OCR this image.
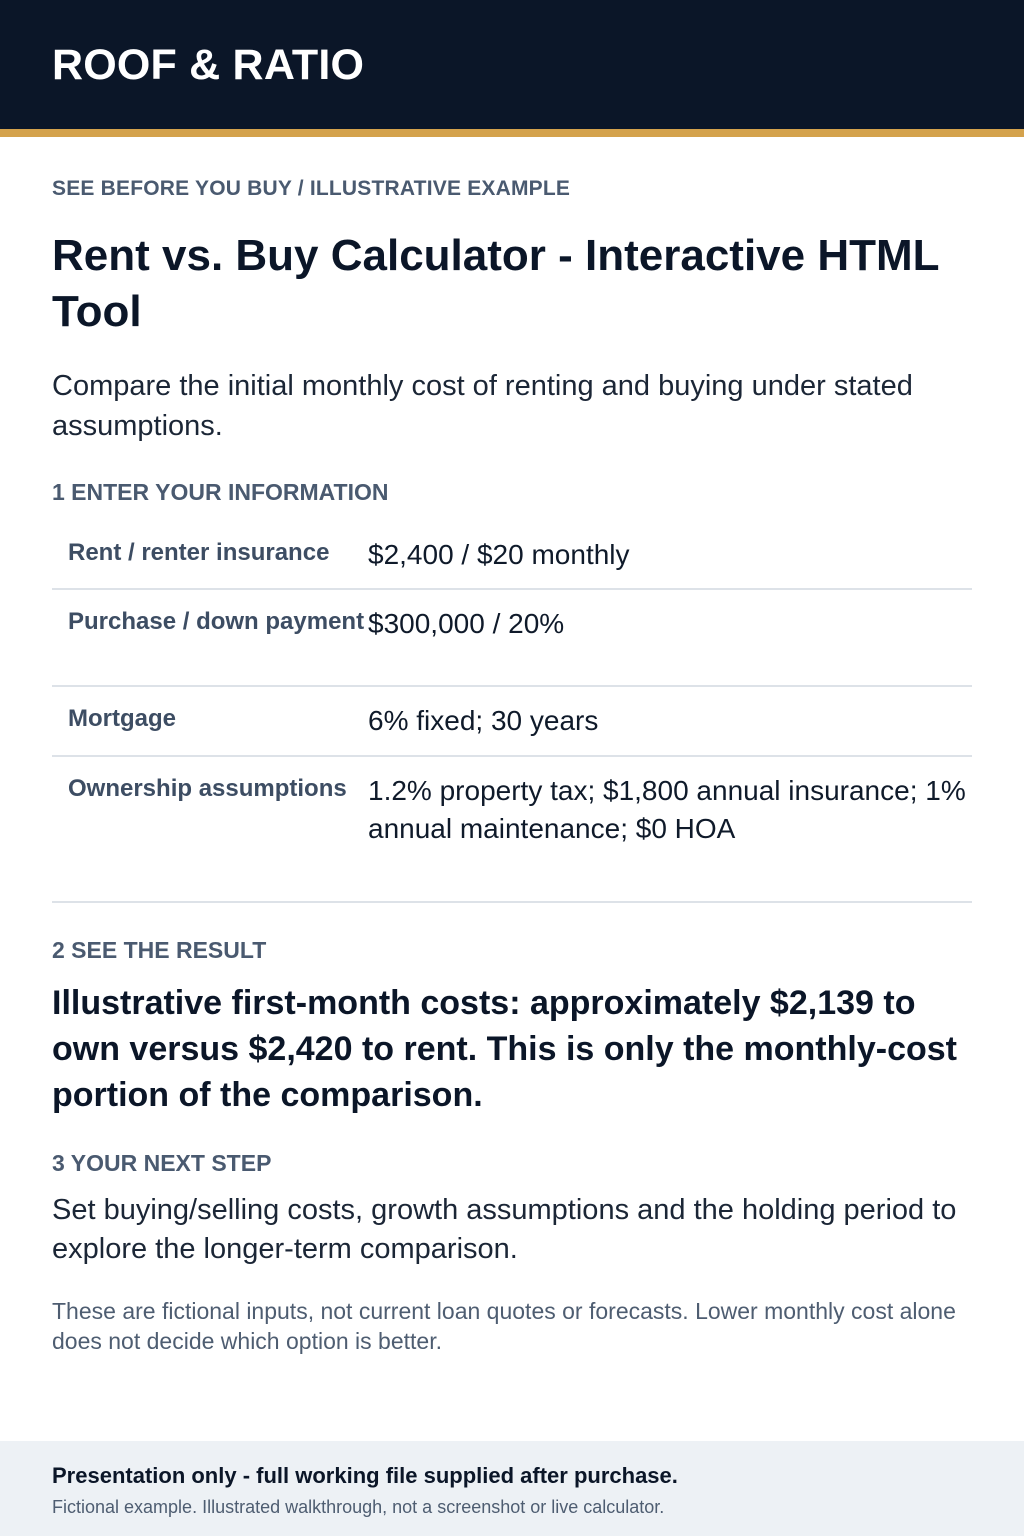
ROOF & RATIO
SEE BEFORE YOU BUY / ILLUSTRATIVE EXAMPLE
Rent vs. Buy Calculator - Interactive HTML Tool
Compare the initial monthly cost of renting and buying under stated assumptions.
1 ENTER YOUR INFORMATION
Rent / renter insurance	$2,400 / $20 monthly
Purchase / down payment $300,000 / 20%
Mortgage	6% fixed; 30 years
Ownership assumptions 1.2% property tax; $1,800 annual insurance; 1% annual maintenance; $0 HOA
2 SEE THE RESULT
Illustrative first-month costs: approximately $2,139 to own versus $2,420 to rent. This is only the monthly-cost portion of the comparison.
3 YOUR NEXT STEP
Set buying/selling costs, growth assumptions and the holding period to explore the longer-term comparison.
These are fictional inputs, not current loan quotes or forecasts. Lower monthly cost alone does not decide which option is better.
Presentation only - full working file supplied after purchase.
Fictional example. Illustrated walkthrough, not a screenshot or live calculator.
